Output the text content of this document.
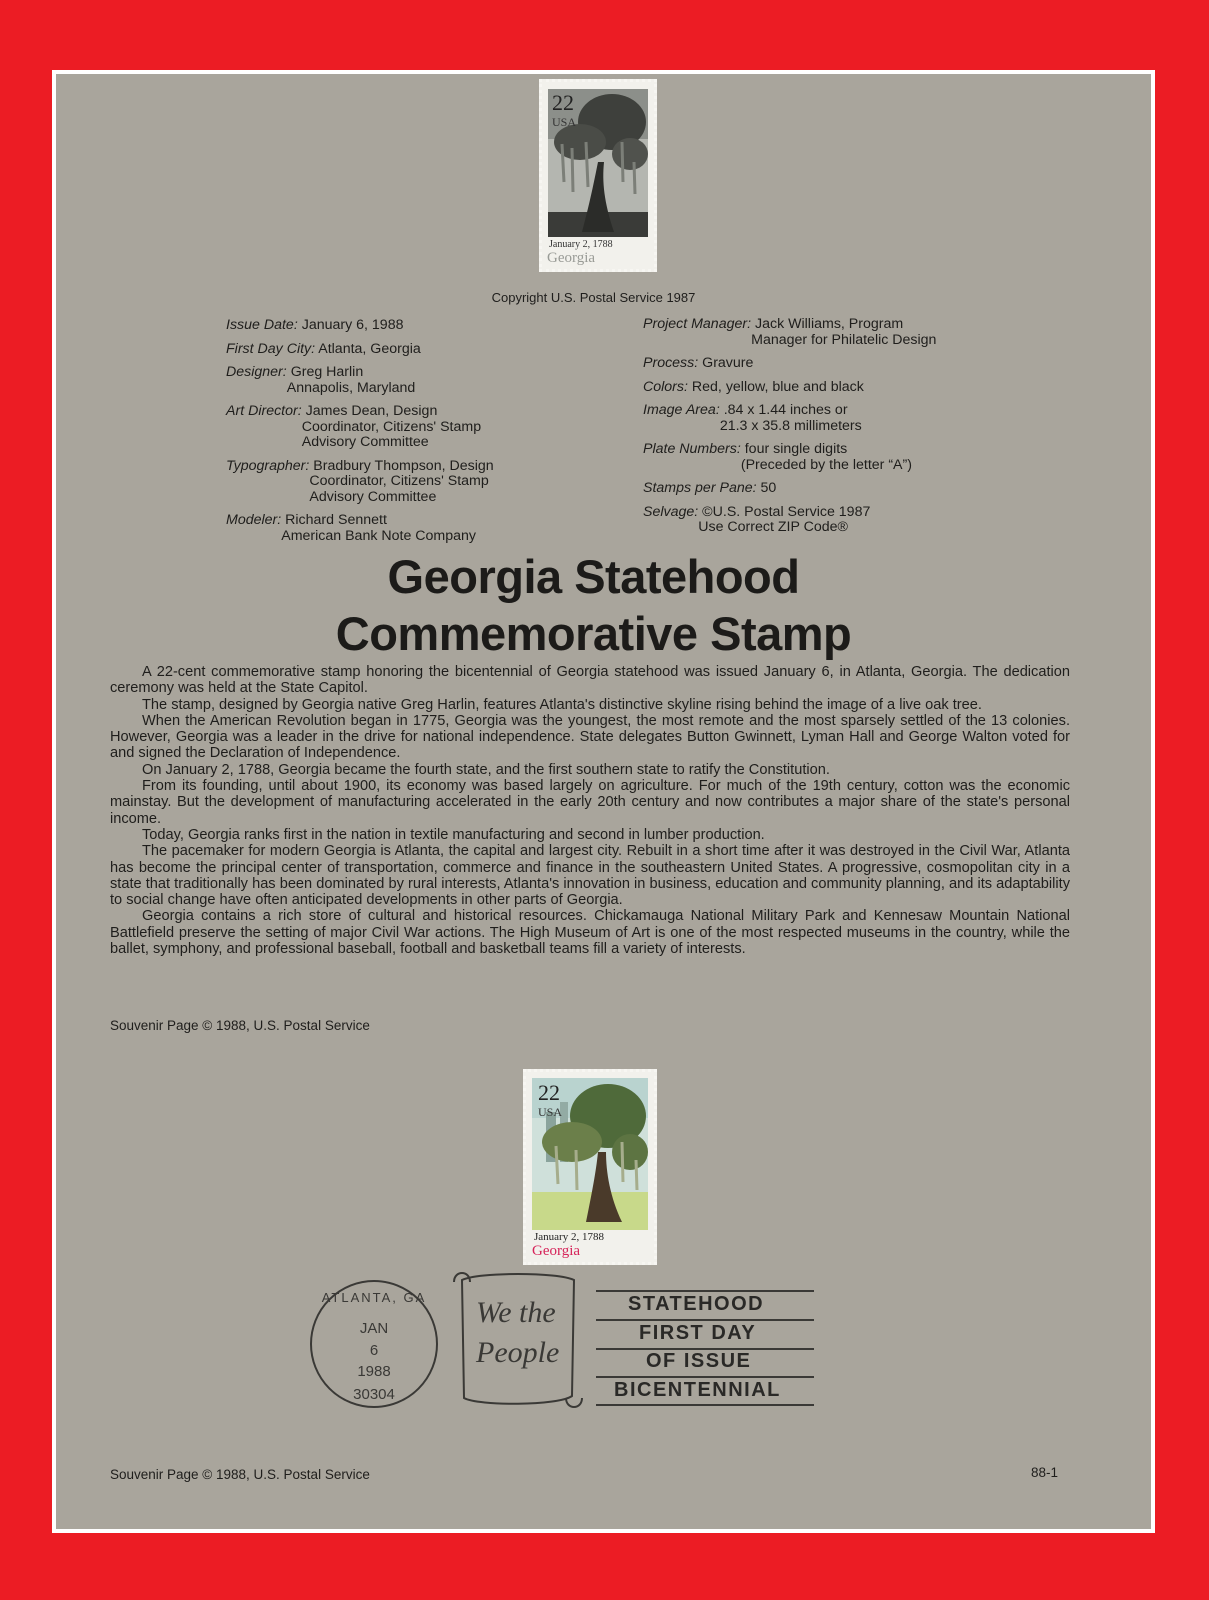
22
USA
January 2, 1788
Georgia
Copyright U.S. Postal Service 1987
Issue Date: January 6, 1988
First Day City: Atlanta, Georgia
Designer: Greg Harlin
Annapolis, Maryland
Art Director: James Dean, Design
Coordinator, Citizens' Stamp
Advisory Committee
Typographer: Bradbury Thompson, Design
Coordinator, Citizens' Stamp
Advisory Committee
Modeler: Richard Sennett
American Bank Note Company
Project Manager: Jack Williams, Program
Manager for Philatelic Design
Process: Gravure
Colors: Red, yellow, blue and black
Image Area: .84 x 1.44 inches or
21.3 x 35.8 millimeters
Plate Numbers: four single digits
(Preceded by the letter “A”)
Stamps per Pane: 50
Selvage: ©U.S. Postal Service 1987
Use Correct ZIP Code®
Georgia Statehood
Commemorative Stamp

A 22-cent commemorative stamp honoring the bicentennial of Georgia statehood was issued January 6, in Atlanta, Georgia. The dedication ceremony was held at the State Capitol.

The stamp, designed by Georgia native Greg Harlin, features Atlanta's distinctive skyline rising behind the image of a live oak tree.

When the American Revolution began in 1775, Georgia was the youngest, the most remote and the most sparsely settled of the 13 colonies. However, Georgia was a leader in the drive for national independence. State delegates Button Gwinnett, Lyman Hall and George Walton voted for and signed the Declaration of Independence.

On January 2, 1788, Georgia became the fourth state, and the first southern state to ratify the Constitution.

From its founding, until about 1900, its economy was based largely on agriculture. For much of the 19th century, cotton was the economic mainstay. But the development of manufacturing accelerated in the early 20th century and now contributes a major share of the state's personal income.

Today, Georgia ranks first in the nation in textile manufacturing and second in lumber production.

The pacemaker for modern Georgia is Atlanta, the capital and largest city. Rebuilt in a short time after it was destroyed in the Civil War, Atlanta has become the principal center of transportation, commerce and finance in the southeastern United States. A progressive, cosmopolitan city in a state that traditionally has been dominated by rural interests, Atlanta's innovation in business, education and community planning, and its adaptability to social change have often anticipated developments in other parts of Georgia.

Georgia contains a rich store of cultural and historical resources. Chickamauga National Military Park and Kennesaw Mountain National Battlefield preserve the setting of major Civil War actions. The High Museum of Art is one of the most respected museums in the country, while the ballet, symphony, and professional baseball, football and basketball teams fill a variety of interests.

Souvenir Page © 1988, U.S. Postal Service
22
USA
January 2, 1788
Georgia
ATLANTA, GA
JAN
6
1988
30304
We the
People
STATEHOOD
FIRST DAY
OF ISSUE
BICENTENNIAL
Souvenir Page © 1988, U.S. Postal Service	88-1
